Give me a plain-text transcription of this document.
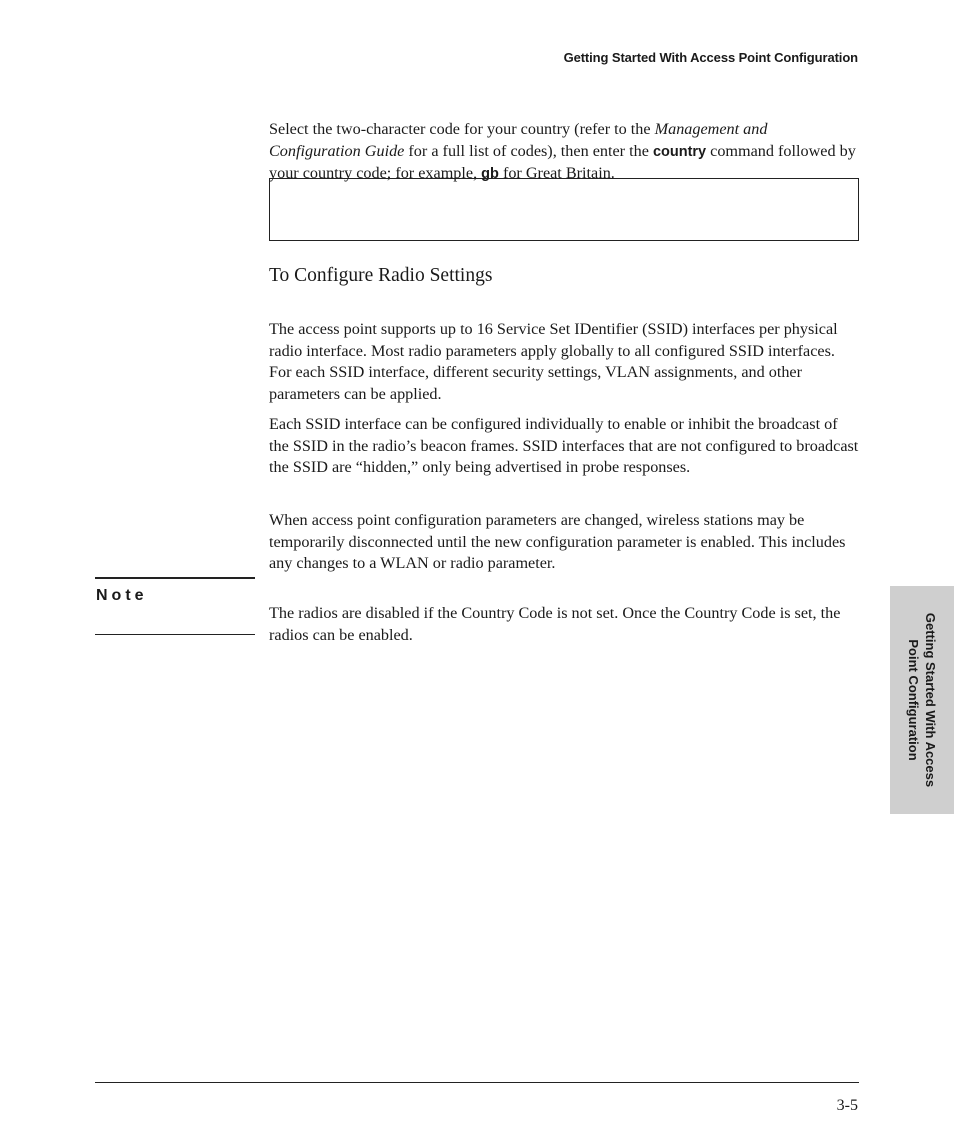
Getting Started With Access Point Configuration

Select the two-character code for your country (refer to the Management and Configuration Guide for a full list of codes), then enter the country command followed by your country code; for example, gb for Great Britain.

To Configure Radio Settings

The access point supports up to 16 Service Set IDentifier (SSID) interfaces per physical radio interface. Most radio parameters apply globally to all configured SSID interfaces. For each SSID interface, different security settings, VLAN assignments, and other parameters can be applied.

Each SSID interface can be configured individually to enable or inhibit the broadcast of the SSID in the radio’s beacon frames. SSID interfaces that are not configured to broadcast the SSID are “hidden,” only being advertised in probe responses.

When access point configuration parameters are changed, wireless stations may be temporarily disconnected until the new configuration parameter is enabled. This includes any changes to a WLAN or radio parameter.

Note

The radios are disabled if the Country Code is not set. Once the Country Code is set, the radios can be enabled.	Getting Started With Access
Point Configuration
3-5
